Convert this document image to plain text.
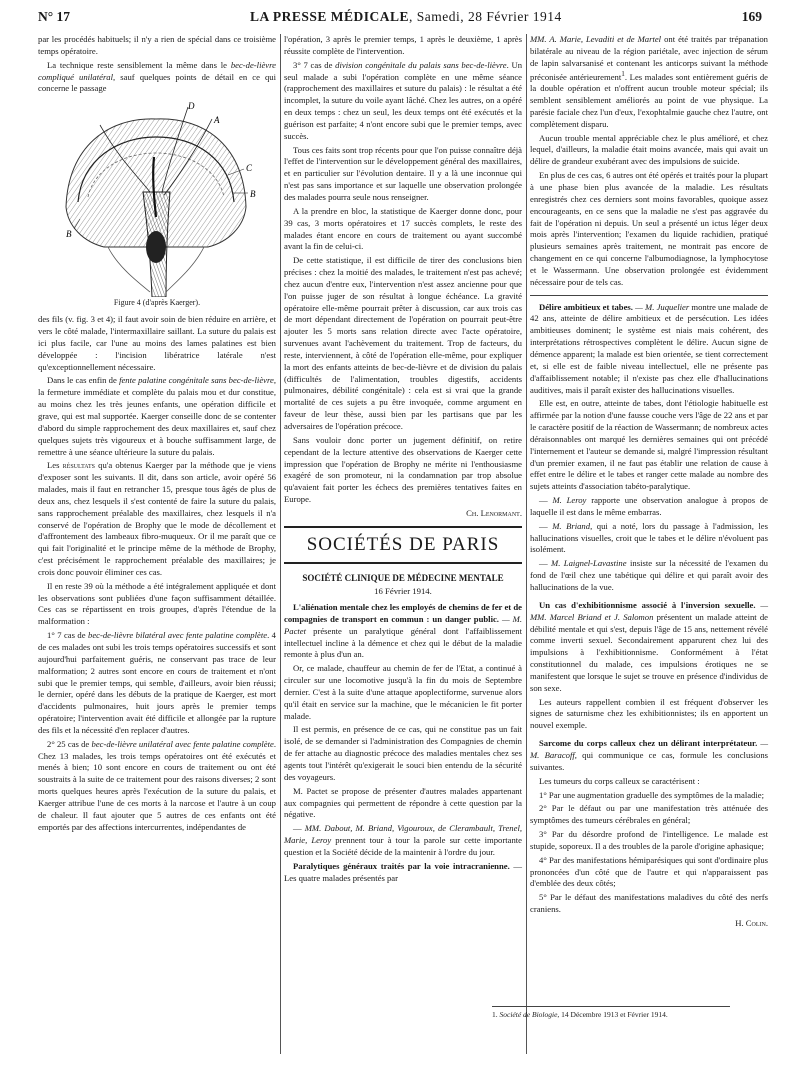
N° 17	LA PRESSE MÉDICALE, Samedi, 28 Février 1914	169

par les procédés habituels; il n'y a rien de spécial dans ce troisième temps opératoire.

La technique reste sensiblement la même dans le bec-de-lièvre compliqué unilatéral, sauf quelques points de détail en ce qui concerne le passage

D
A
C
B
B
Figure 4 (d'après Kaerger).

des fils (v. fig. 3 et 4); il faut avoir soin de bien réduire en arrière, et vers le côté malade, l'intermaxillaire saillant. La suture du palais est ici plus facile, car l'une au moins des lames palatines est bien développée : l'incision libératrice latérale n'est qu'exceptionnellement nécessaire.

Dans le cas enfin de fente palatine congénitale sans bec-de-lièvre, la fermeture immédiate et complète du palais mou et dur constitue, au moins chez les très jeunes enfants, une opération difficile et grave, qui est mal supportée. Kaerger conseille donc de se contenter d'abord du simple rapprochement des deux maxillaires et, sauf chez quelques sujets très vigoureux et à bouche suffisamment large, de remettre à une séance ultérieure la suture du palais.

Les résultats qu'a obtenus Kaerger par la méthode que je viens d'exposer sont les suivants. Il dit, dans son article, avoir opéré 56 malades, mais il faut en retrancher 15, presque tous âgés de plus de deux ans, chez lesquels il s'est contenté de faire la suture du palais, sans rapprochement préalable des maxillaires, chez lesquels il n'a conservé de l'opération de Brophy que le mode de décollement et d'affrontement des lambeaux fibro-muqueux. Or il me paraît que ce qui fait l'originalité et le principe même de la méthode de Brophy, c'est précisément le rapprochement préalable des maxillaires; je crois donc pouvoir éliminer ces cas.

Il en reste 39 où la méthode a été intégralement appliquée et dont les observations sont publiées d'une façon suffisamment détaillée. Ces cas se répartissent en trois groupes, d'après l'étendue de la malformation :

1° 7 cas de bec-de-lièvre bilatéral avec fente palatine complète. 4 de ces malades ont subi les trois temps opératoires successifs et sont aujourd'hui parfaitement guéris, ne conservant pas trace de leur malformation; 2 autres sont encore en cours de traitement et n'ont subi que le premier temps, qui semble, d'ailleurs, avoir bien réussi; le dernier, opéré dans les débuts de la pratique de Kaerger, est mort d'accidents pulmonaires, huit jours après le premier temps opératoire; l'intervention avait été difficile et allongée par la rupture des fils et la nécessité d'en replacer d'autres.

2° 25 cas de bec-de-lièvre unilatéral avec fente palatine complète. Chez 13 malades, les trois temps opératoires ont été exécutés et menés à bien; 10 sont encore en cours de traitement ou ont été soustraits à la suite de ce traitement pour des raisons diverses; 2 sont morts quelques heures après l'exécution de la suture du palais, et Kaerger attribue l'une de ces morts à la narcose et l'autre à un coup de chaleur. Il faut ajouter que 5 autres de ces enfants ont été emportés par des affections intercurrentes, indépendantes de

l'opération, 3 après le premier temps, 1 après le deuxième, 1 après réussite complète de l'intervention.

3° 7 cas de division congénitale du palais sans bec-de-lièvre. Un seul malade a subi l'opération complète en une même séance (rapprochement des maxillaires et suture du palais) : le résultat a été incomplet, la suture du voile ayant lâché. Chez les autres, on a opéré en deux temps : chez un seul, les deux temps ont été exécutés et la guérison est parfaite; 4 n'ont encore subi que le premier temps, avec succès.

Tous ces faits sont trop récents pour que l'on puisse connaître déjà l'effet de l'intervention sur le développement général des maxillaires, et en particulier sur l'évolution dentaire. Il y a là une inconnue qui n'est pas sans importance et sur laquelle une observation prolongée des malades pourra seule nous renseigner.

A la prendre en bloc, la statistique de Kaerger donne donc, pour 39 cas, 3 morts opératoires et 17 succès complets, le reste des malades étant encore en cours de traitement ou ayant succombé avant la fin de celui-ci.

De cette statistique, il est difficile de tirer des conclusions bien précises : chez la moitié des malades, le traitement n'est pas achevé; chez aucun d'entre eux, l'intervention n'est assez ancienne pour que l'on puisse juger de son résultat à longue échéance. La gravité opératoire elle-même pourrait prêter à discussion, car aux trois cas de mort dépendant directement de l'opération on pourrait peut-être ajouter les 5 morts sans relation directe avec l'acte opératoire, survenues avant l'achèvement du traitement. Trop de facteurs, du reste, interviennent, à côté de l'opération elle-même, pour expliquer la mort des enfants atteints de bec-de-lièvre et de division du palais (difficultés de l'alimentation, troubles digestifs, accidents pulmonaires, débilité congénitale) : cela est si vrai que la grande mortalité de ces sujets a pu être invoquée, comme argument en faveur de leur thèse, aussi bien par les partisans que par les adversaires de l'opération précoce.

Sans vouloir donc porter un jugement définitif, on retire cependant de la lecture attentive des observations de Kaerger cette impression que l'opération de Brophy ne mérite ni l'enthousiasme exagéré de son promoteur, ni la condamnation par trop absolue qu'avaient fait porter les échecs des premières tentatives faites en Europe.

Ch. Lenormant.

SOCIÉTÉS DE PARIS

SOCIÉTÉ CLINIQUE DE MÉDECINE MENTALE

16 Février 1914.

L'aliénation mentale chez les employés de chemins de fer et de compagnies de transport en commun : un danger public. — M. Pactet présente un paralytique général dont l'affaiblissement intellectuel incline à la démence et chez qui le début de la maladie remonte à plus d'un an.

Or, ce malade, chauffeur au chemin de fer de l'Etat, a continué à circuler sur une locomotive jusqu'à la fin du mois de Septembre dernier. C'est à la suite d'une attaque apoplectiforme, survenue alors qu'il était en service sur la machine, que le mécanicien le fit porter malade.

Il est permis, en présence de ce cas, qui ne constitue pas un fait isolé, de se demander si l'administration des Compagnies de chemin de fer attache au diagnostic précoce des maladies mentales chez ses agents tout l'intérêt qu'exigerait le souci bien entendu de la sécurité des voyageurs.

M. Pactet se propose de présenter d'autres malades appartenant aux compagnies qui permettent de répondre à cette question par la négative.

— MM. Dabout, M. Briand, Vigouroux, de Clerambault, Trenel, Marie, Leroy prennent tour à tour la parole sur cette importante question et la Société décide de la maintenir à l'ordre du jour.

Paralytiques généraux traités par la voie intracranienne. — Les quatre malades présentés par

MM. A. Marie, Levaditi et de Martel ont été traités par trépanation bilatérale au niveau de la région pariétale, avec injection de sérum de lapin salvarsanisé et contenant les anticorps suivant la méthode préconisée antérieurement$^1$. Les malades sont entièrement guéris de la double opération et n'offrent aucun trouble moteur spécial; ils semblent sensiblement améliorés au point de vue physique. La parésie faciale chez l'un d'eux, l'exophtalmie gauche chez l'autre, ont complètement disparu.

Aucun trouble mental appréciable chez le plus amélioré, et chez lequel, d'ailleurs, la maladie était moins avancée, mais qui avait un délire de grandeur exubérant avec des impulsions de suicide.

En plus de ces cas, 6 autres ont été opérés et traités pour la plupart à une phase bien plus avancée de la maladie. Les résultats enregistrés chez ces derniers sont moins favorables, quoique assez encourageants, en ce sens que la maladie ne s'est pas aggravée du fait de l'opération ni depuis. Un seul a présenté un ictus léger deux mois après l'intervention; l'examen du liquide rachidien, pratiqué plusieurs semaines après traitement, ne montrait pas encore de changement en ce qui concerne l'albumodiagnose, la lymphocytose et le Wassermann. Une observation prolongée est évidemment nécessaire pour de tels cas.

Délire ambitieux et tabes. — M. Juquelier montre une malade de 42 ans, atteinte de délire ambitieux et de persécution. Les idées ambitieuses dominent; le système est niais mais cohérent, des interprétations rétrospectives complètent le délire. Aucun signe de démence apparent; la malade est bien orientée, se tient correctement et, si elle est de faible niveau intellectuel, elle ne présente pas d'affaiblissement notable; il n'existe pas chez elle d'hallucinations auditives, mais il paraît exister des hallucinations visuelles.

Elle est, en outre, atteinte de tabes, dont l'étiologie habituelle est affirmée par la notion d'une fausse couche vers l'âge de 22 ans et par le caractère positif de la réaction de Wassermann; de nombreux actes déraisonnables ont marqué les dernières semaines qui ont précédé l'internement et l'auteur se demande si, malgré l'impression résultant d'un premier examen, il ne faut pas établir une relation de cause à effet entre le délire et le tabes et ranger cette malade au nombre des sujets atteints d'association tabéto-paralytique.

— M. Leroy rapporte une observation analogue à propos de laquelle il est dans le même embarras.

— M. Briand, qui a noté, lors du passage à l'admission, les hallucinations visuelles, croit que le tabes et le délire n'évoluent pas isolément.

— M. Laignel-Lavastine insiste sur la nécessité de l'examen du fond de l'œil chez une tabétique qui délire et qui paraît avoir des hallucinations de la vue.

Un cas d'exhibitionnisme associé à l'inversion sexuelle. — MM. Marcel Briand et J. Salomon présentent un malade atteint de débilité mentale et qui s'est, depuis l'âge de 15 ans, nettement révélé comme inverti sexuel. Secondairement apparurent chez lui des impulsions à l'exhibitionnisme. Conformément à l'état constitutionnel du malade, ces impulsions érotiques ne se manifestent que lorsque le sujet se trouve en présence d'individus de son sexe.

Les auteurs rappellent combien il est fréquent d'observer les signes de saturnisme chez les exhibitionnistes; ils en apportent un nouvel exemple.

Sarcome du corps calleux chez un délirant interprétateur. — M. Baracoff, qui communique ce cas, formule les conclusions suivantes.

Les tumeurs du corps calleux se caractérisent :

1° Par une augmentation graduelle des symptômes de la maladie;

2° Par le défaut ou par une manifestation très atténuée des symptômes des tumeurs cérébrales en général;

3° Par du désordre profond de l'intelligence. Le malade est stupide, soporeux. Il a des troubles de la parole d'origine aphasique;

4° Par des manifestations hémiparésiques qui sont d'ordinaire plus prononcées d'un côté que de l'autre et qui n'apparaissent pas d'emblée des deux côtés;

5° Par le défaut des manifestations maladives du côté des nerfs craniens.

H. Colin.

1. Société de Biologie, 14 Décembre 1913 et Février 1914.
